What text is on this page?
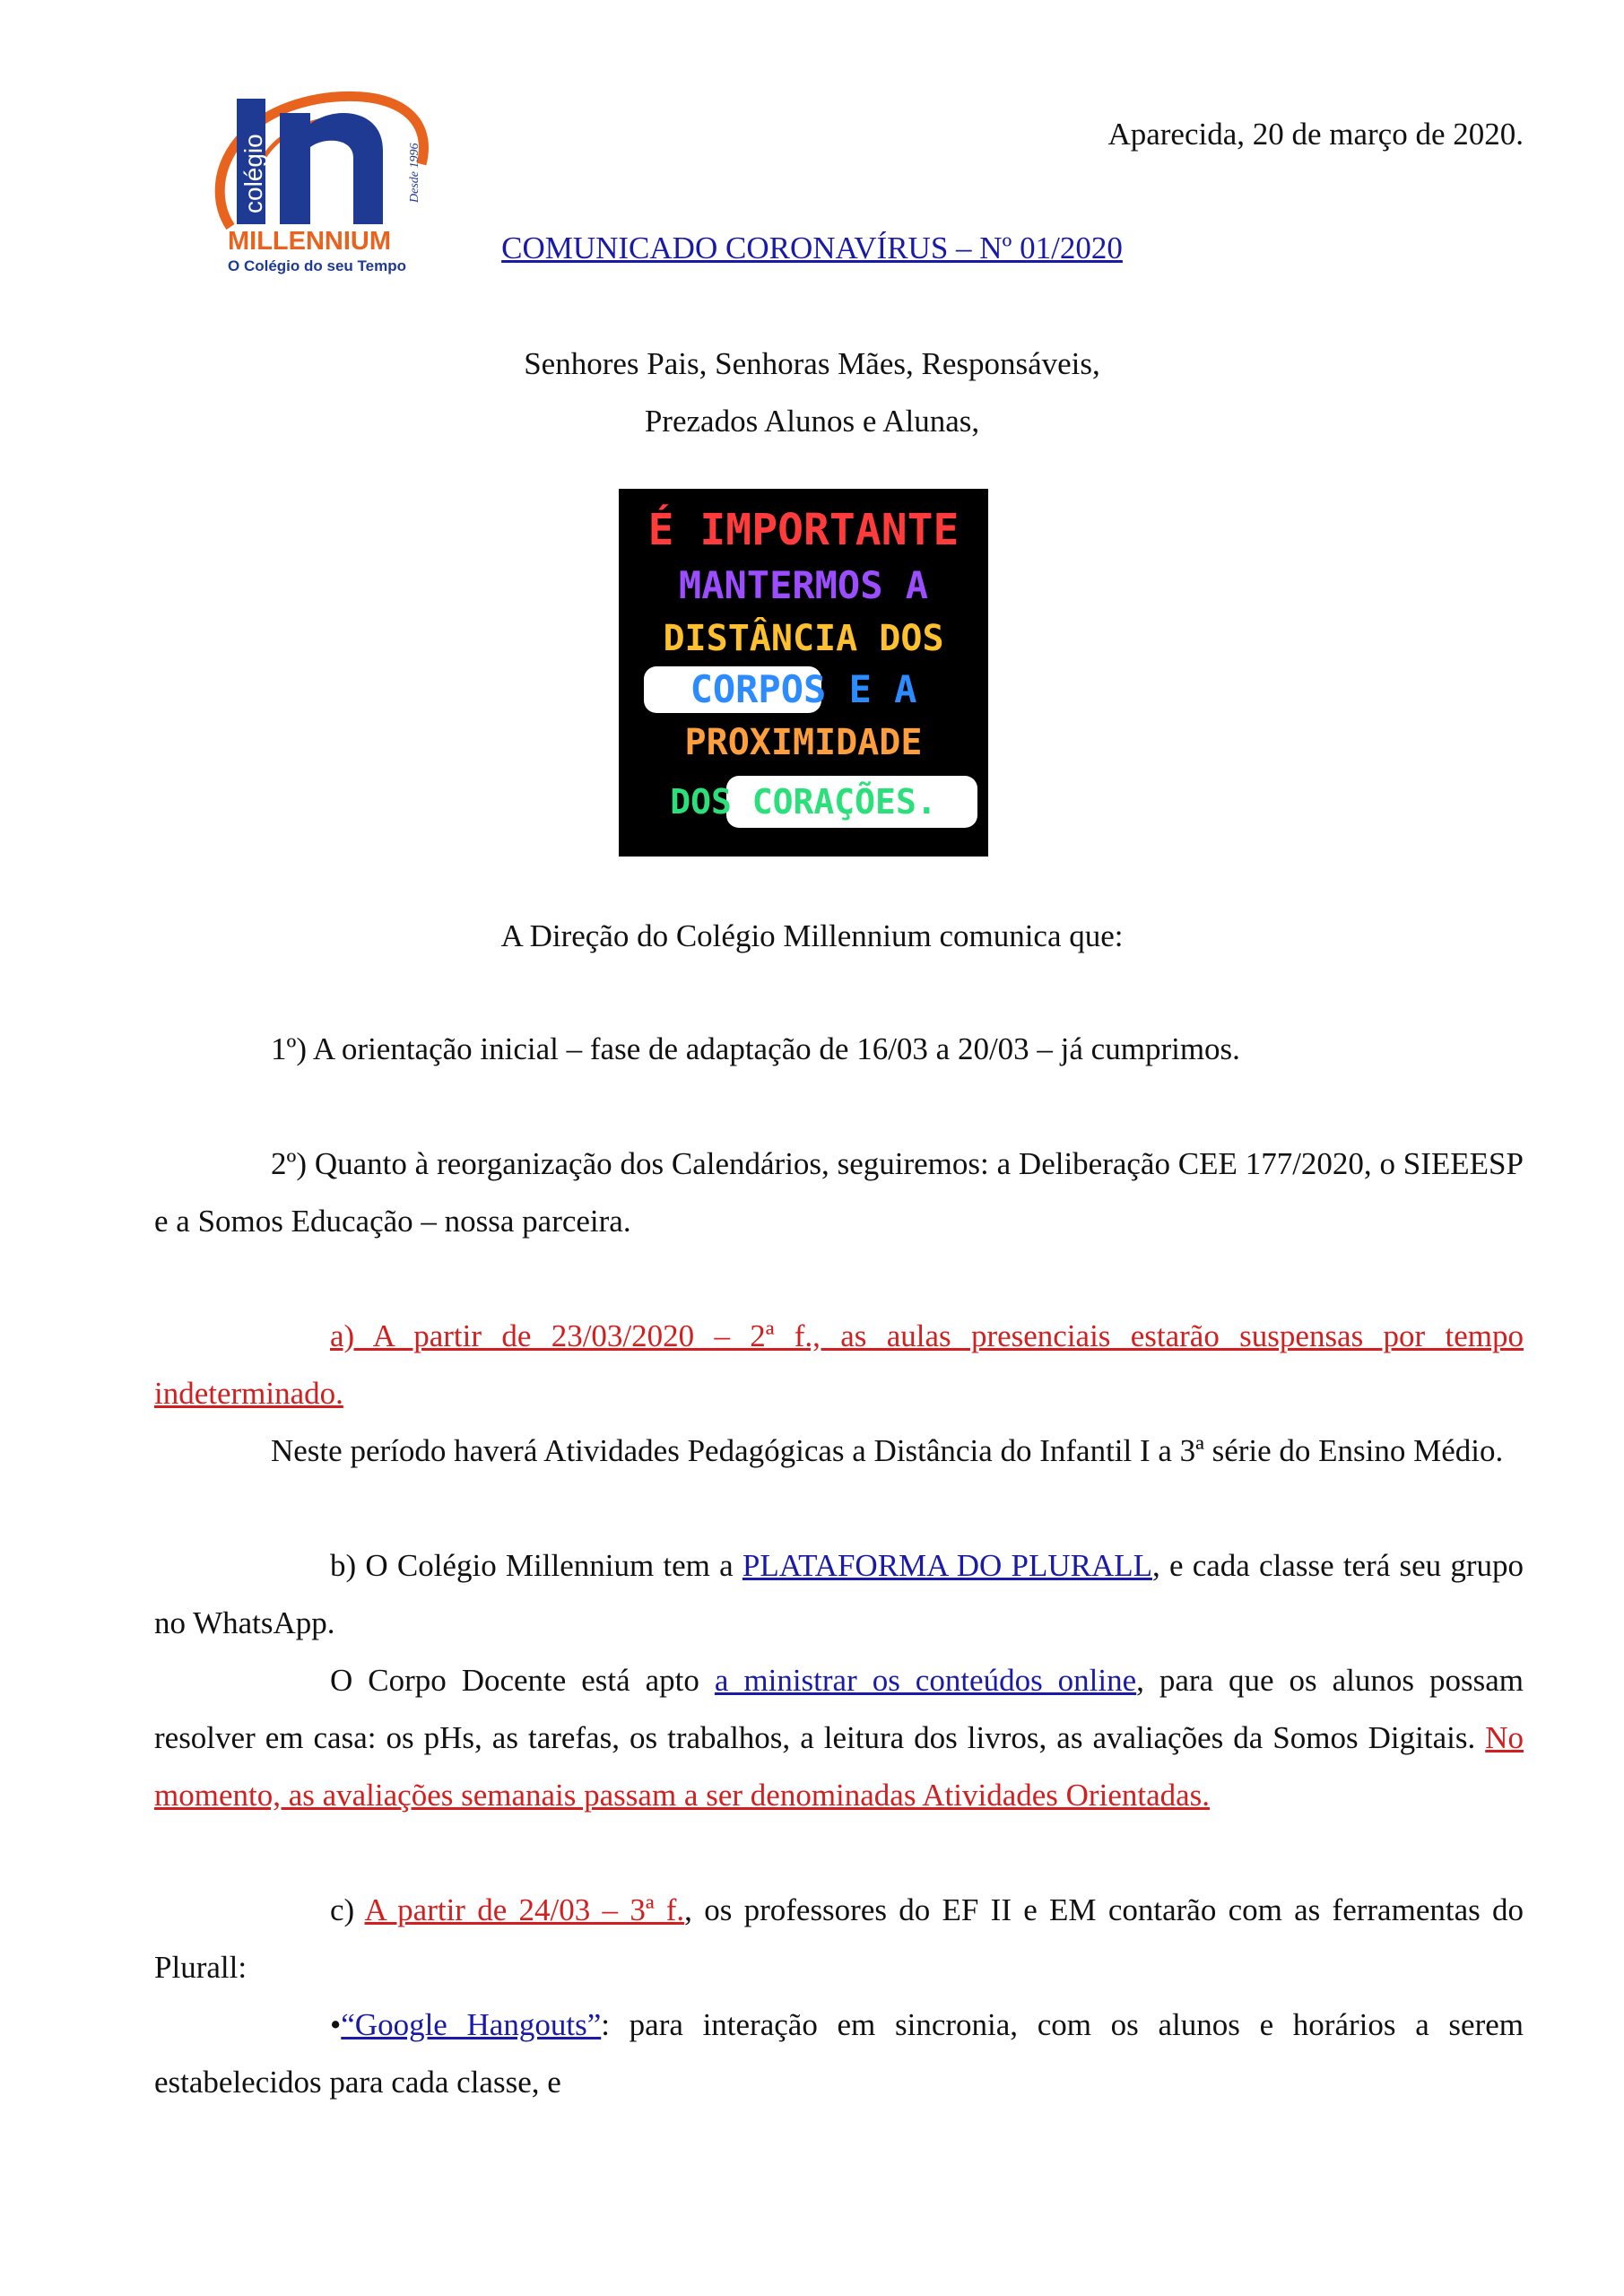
colégio	Desde 1996
MILLENNIUM
O Colégio do seu Tempo
Aparecida, 20 de março de 2020.
COMUNICADO CORONAVÍRUS – Nº 01/2020
Senhores Pais, Senhoras Mães, Responsáveis,
Prezados Alunos e Alunas,
É IMPORTANTE
MANTERMOS A
DISTÂNCIA DOS
CORPOS E A
PROXIMIDADE
DOS CORAÇÕES.
A Direção do Colégio Millennium comunica que:

1º) A orientação inicial – fase de adaptação de 16/03 a 20/03 – já cumprimos.

2º) Quanto à reorganização dos Calendários, seguiremos: a Deliberação CEE 177/2020, o SIEEESP e a Somos Educação – nossa parceira.

a) A partir de 23/03/2020 – 2ª f., as aulas presenciais estarão suspensas por tempo indeterminado.

Neste período haverá Atividades Pedagógicas a Distância do Infantil I a 3ª série do Ensino Médio.

b) O Colégio Millennium tem a PLATAFORMA DO PLURALL, e cada classe terá seu grupo no WhatsApp.

O Corpo Docente está apto a ministrar os conteúdos online, para que os alunos possam resolver em casa: os pHs, as tarefas, os trabalhos, a leitura dos livros, as avaliações da Somos Digitais. No momento, as avaliações semanais passam a ser denominadas Atividades Orientadas.

c) A partir de 24/03 – 3ª f., os professores do EF II e EM contarão com as ferramentas do Plurall:

•“Google Hangouts”: para interação em sincronia, com os alunos e horários a serem estabelecidos para cada classe, e
